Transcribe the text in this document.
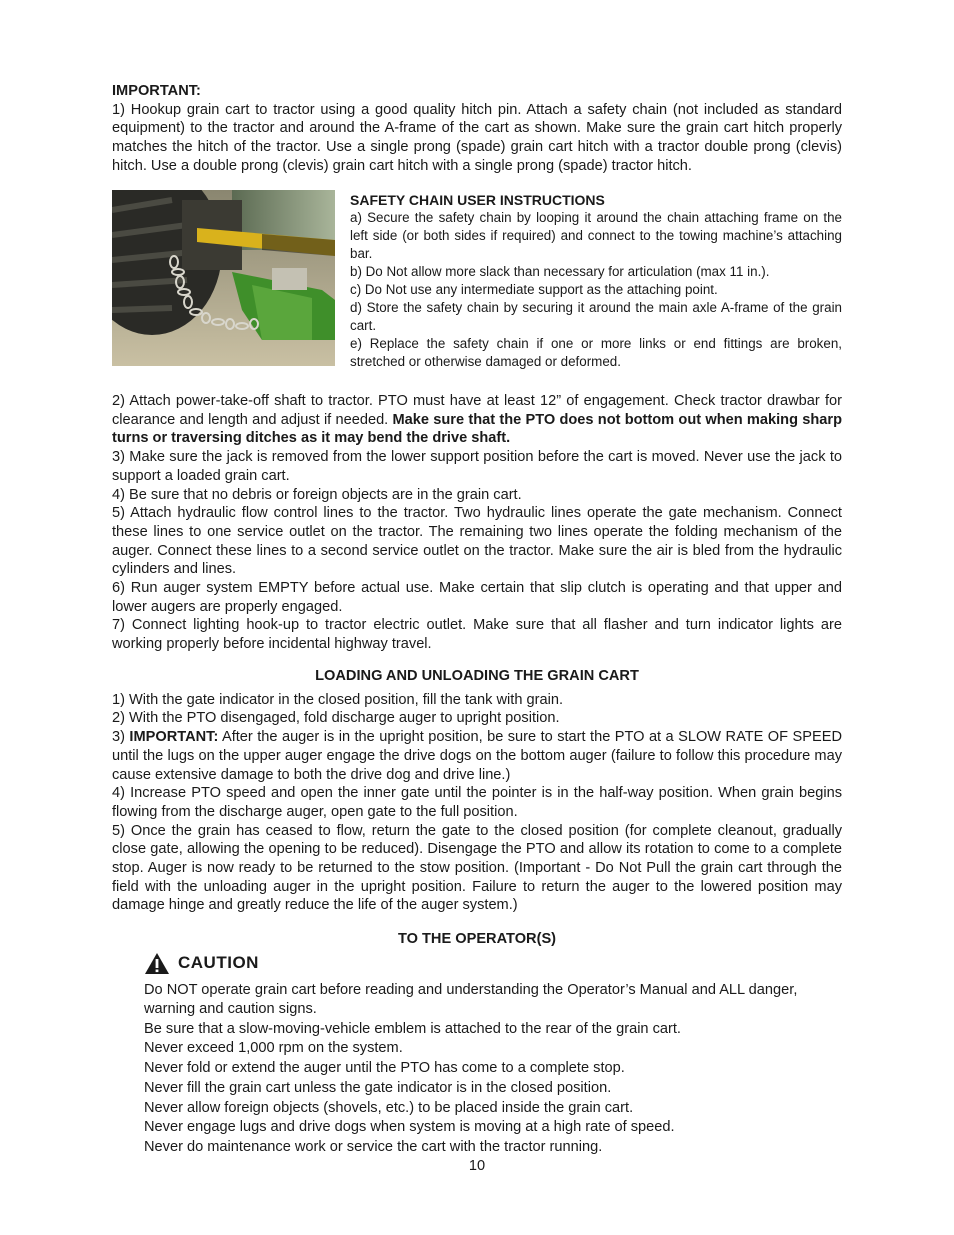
IMPORTANT:

1) Hookup grain cart to tractor using a good quality hitch pin. Attach a safety chain (not included as standard equipment) to the tractor and around the A-frame of the cart as shown. Make sure the grain cart hitch properly matches the hitch of the tractor. Use a single prong (spade) grain cart hitch with a tractor double prong (clevis) hitch. Use a double prong (clevis) grain cart hitch with a single prong (spade) tractor hitch.

SAFETY CHAIN USER INSTRUCTIONS

a) Secure the safety chain by looping it around the chain attaching frame on the left side (or both sides if required) and connect to the towing machine’s attaching bar.

b) Do Not allow more slack than necessary for articulation (max 11 in.).

c) Do Not use any intermediate support as the attaching point.

d) Store the safety chain by securing it around the main axle A-frame of the grain cart.

e) Replace the safety chain if one or more links or end fittings are broken, stretched or otherwise damaged or deformed.

2) Attach power-take-off shaft to tractor. PTO must have at least 12” of engagement. Check tractor drawbar for clearance and length and adjust if needed. Make sure that the PTO does not bottom out when making sharp turns or traversing ditches as it may bend the drive shaft.

3) Make sure the jack is removed from the lower support position before the cart is moved. Never use the jack to support a loaded grain cart.

4) Be sure that no debris or foreign objects are in the grain cart.

5) Attach hydraulic flow control lines to the tractor. Two hydraulic lines operate the gate mechanism. Connect these lines to one service outlet on the tractor. The remaining two lines operate the folding mechanism of the auger. Connect these lines to a second service outlet on the tractor. Make sure the air is bled from the hydraulic cylinders and lines.

6) Run auger system EMPTY before actual use. Make certain that slip clutch is operating and that upper and lower augers are properly engaged.

7) Connect lighting hook-up to tractor electric outlet. Make sure that all flasher and turn indicator lights are working properly before incidental highway travel.

LOADING AND UNLOADING THE GRAIN CART

1) With the gate indicator in the closed position, fill the tank with grain.

2) With the PTO disengaged, fold discharge auger to upright position.

3) IMPORTANT: After the auger is in the upright position, be sure to start the PTO at a SLOW RATE OF SPEED until the lugs on the upper auger engage the drive dogs on the bottom auger (failure to follow this procedure may cause extensive damage to both the drive dog and drive line.)

4) Increase PTO speed and open the inner gate until the pointer is in the half-way position. When grain begins flowing from the discharge auger, open gate to the full position.

5) Once the grain has ceased to flow, return the gate to the closed position (for complete cleanout, gradually close gate, allowing the opening to be reduced). Disengage the PTO and allow its rotation to come to a complete stop. Auger is now ready to be returned to the stow position. (Important - Do Not Pull the grain cart through the field with the unloading auger in the upright position. Failure to return the auger to the lowered position may damage hinge and greatly reduce the life of the auger system.)

TO THE OPERATOR(S)

CAUTION

Do NOT operate grain cart before reading and understanding the Operator’s Manual and ALL danger, warning and caution signs.

Be sure that a slow-moving-vehicle emblem is attached to the rear of the grain cart.

Never exceed 1,000 rpm on the system.

Never fold or extend the auger until the PTO has come to a complete stop.

Never fill the grain cart unless the gate indicator is in the closed position.

Never allow foreign objects (shovels, etc.) to be placed inside the grain cart.

Never engage lugs and drive dogs when system is moving at a high rate of speed.

Never do maintenance work or service the cart with the tractor running.

10
